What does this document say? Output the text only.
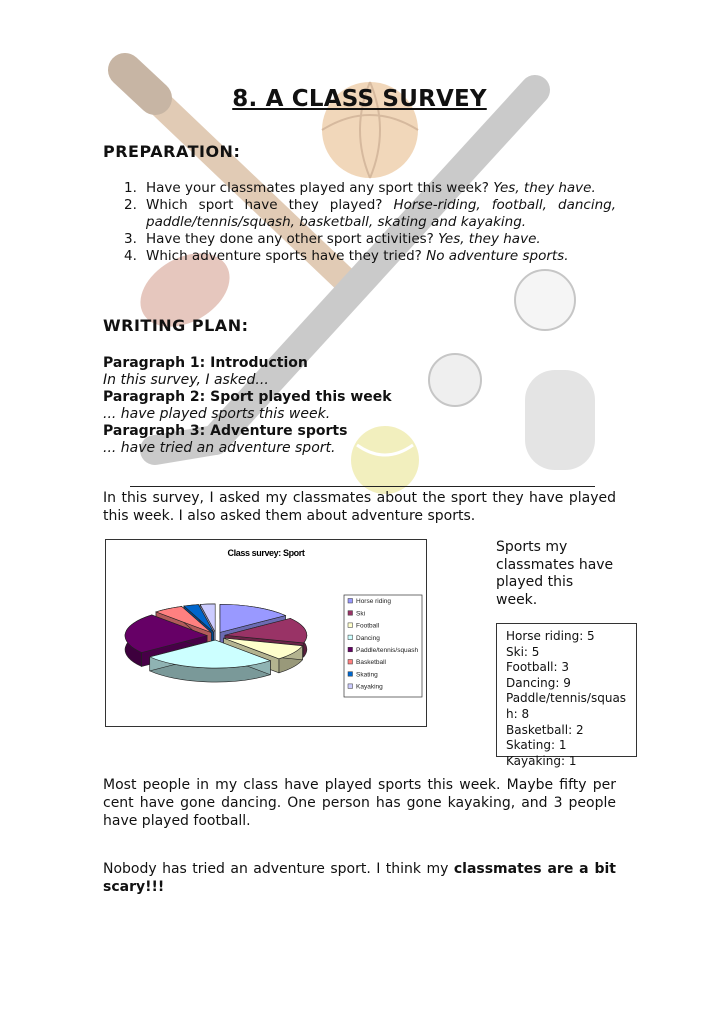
8. A CLASS SURVEY
PREPARATION:
1. Have your classmates played any sport this week? Yes, they have.
2. Which sport have they played? Horse-riding, football, dancing, paddle/tennis/squash, basketball, skating and kayaking.
3. Have they done any other sport activities? Yes, they have.
4. Which adventure sports have they tried? No adventure sports.
WRITING PLAN:
Paragraph 1: Introduction
In this survey, I asked...
Paragraph 2: Sport played this week
... have played sports this week.
Paragraph 3: Adventure sports
... have tried an adventure sport.
In this survey, I asked my classmates about the sport they have played this week. I also asked them about adventure sports.
Class survey: Sport
Horse riding
Ski
Football
Dancing
Paddle/tennis/squash
Basketball
Skating
Kayaking
Sports my classmates have played this week.
Horse riding: 5
Ski: 5
Football: 3
Dancing: 9
Paddle/tennis/squash: 8
Basketball: 2
Skating: 1
Kayaking: 1
Most people in my class have played sports this week. Maybe fifty per cent have gone dancing. One person has gone kayaking, and 3 people have played football.
Nobody has tried an adventure sport. I think my classmates are a bit scary!!!
